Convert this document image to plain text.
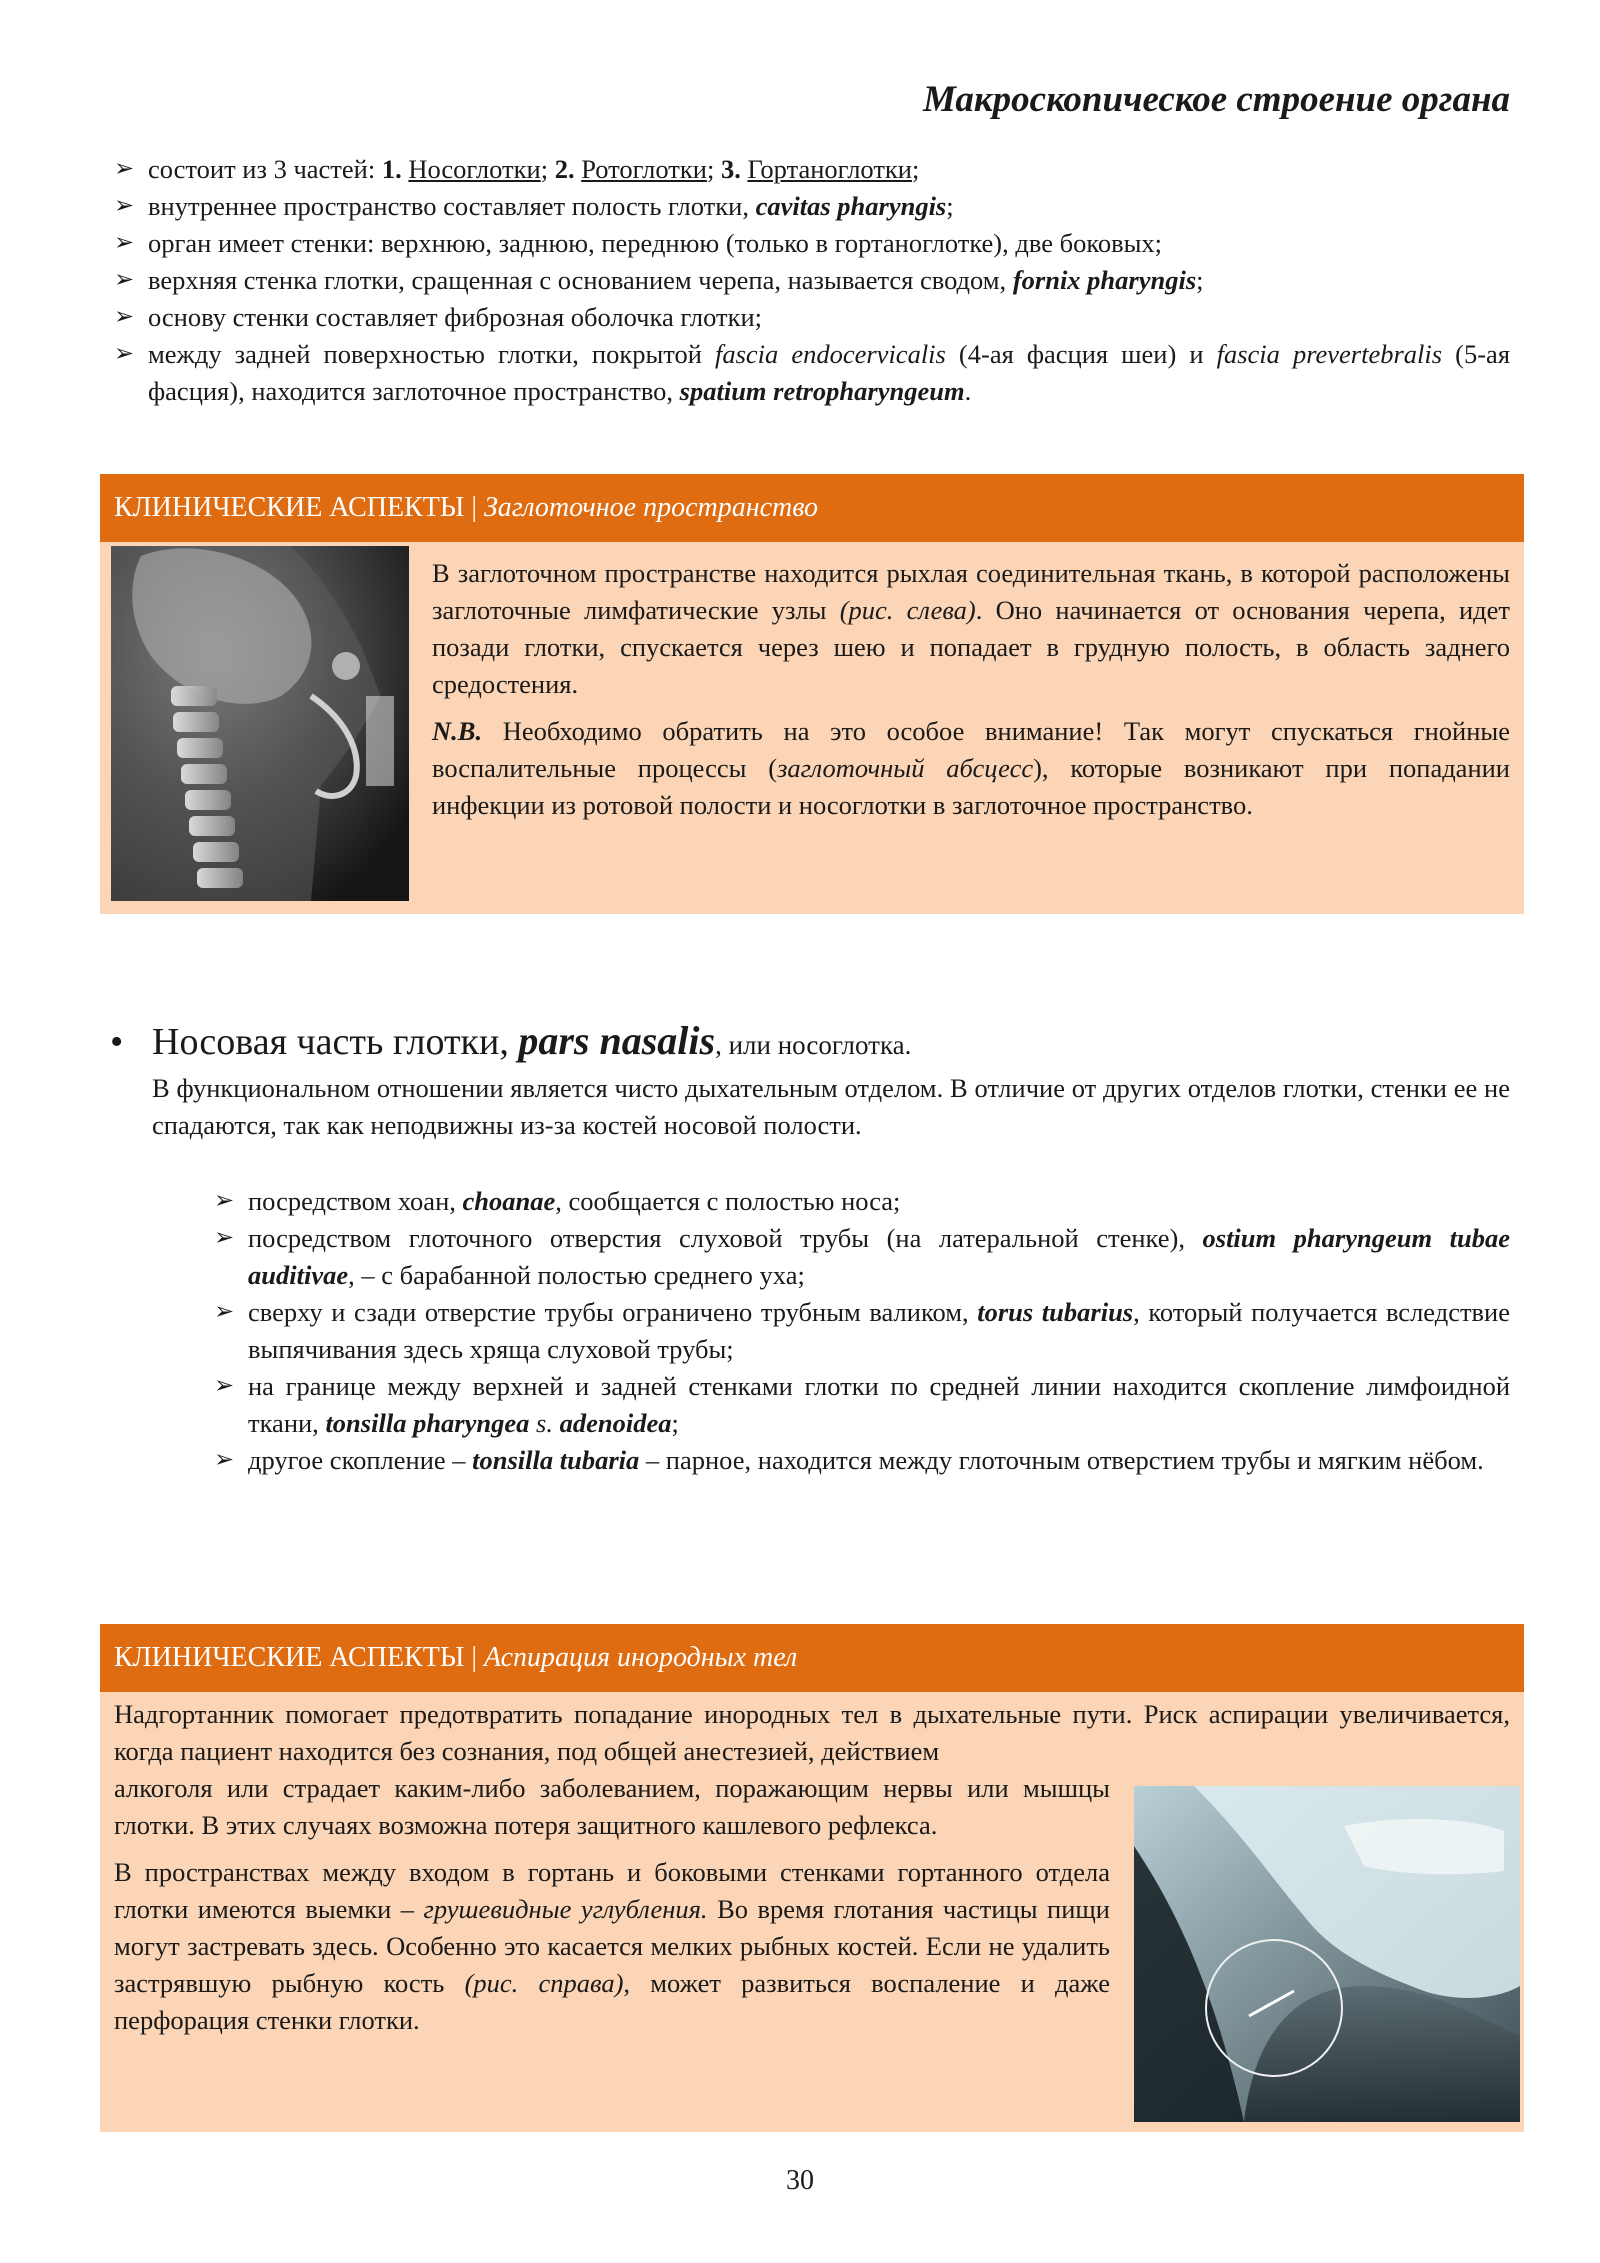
Макроскопическое строение органа
➢ состоит из 3 частей: 1. Носоглотки; 2. Ротоглотки; 3. Гортаноглотки;
➢ внутреннее пространство составляет полость глотки, cavitas pharyngis;
➢ орган имеет стенки: верхнюю, заднюю, переднюю (только в гортаноглотке), две боковых;
➢ верхняя стенка глотки, сращенная с основанием черепа, называется сводом, fornix pharyngis;
➢ основу стенки составляет фиброзная оболочка глотки;
➢ между задней поверхностью глотки, покрытой fascia endocervicalis (4-ая фасция шеи) и fascia prevertebralis (5-ая фасция), находится заглоточное пространство, spatium retropharyngeum.
КЛИНИЧЕСКИЕ АСПЕКТЫ | Заглоточное пространство

В заглоточном пространстве находится рыхлая соединительная ткань, в которой расположены заглоточные лимфатические узлы (рис. слева). Оно начинается от основания черепа, идет позади глотки, спускается через шею и попадает в грудную полость, в область заднего средостения.

N.B. Необходимо обратить на это особое внимание! Так могут спускаться гнойные воспалительные процессы (заглоточный абсцесс), которые возникают при попадании инфекции из ротовой полости и носоглотки в заглоточное пространство.

• Носовая часть глотки, pars nasalis, или носоглотка.
В функциональном отношении является чисто дыхательным отделом. В отличие от других отделов глотки, стенки ее не спадаются, так как неподвижны из-за костей носовой полости.
➢ посредством хоан, choanae, сообщается с полостью носа;
➢ посредством глоточного отверстия слуховой трубы (на латеральной стенке), ostium pharyngeum tubae auditivae, – с барабанной полостью среднего уха;
➢ сверху и сзади отверстие трубы ограничено трубным валиком, torus tubarius, который получается вследствие выпячивания здесь хряща слуховой трубы;
➢ на границе между верхней и задней стенками глотки по средней линии находится скопление лимфоидной ткани, tonsilla pharyngea s. adenoidea;
➢ другое скопление – tonsilla tubaria – парное, находится между глоточным отверстием трубы и мягким нёбом.
КЛИНИЧЕСКИЕ АСПЕКТЫ | Аспирация инородных тел
Надгортанник помогает предотвратить попадание инородных тел в дыхательные пути. Риск аспирации увеличивается, когда пациент находится без сознания, под общей анестезией, действием

алкоголя или страдает каким-либо заболеванием, поражающим нервы или мышцы глотки. В этих случаях возможна потеря защитного кашлевого рефлекса.

В пространствах между входом в гортань и боковыми стенками гортанного отдела глотки имеются выемки – грушевидные углубления. Во время глотания частицы пищи могут застревать здесь. Особенно это касается мелких рыбных костей. Если не удалить застрявшую рыбную кость (рис. справа), может развиться воспаление и даже перфорация стенки глотки.

30
